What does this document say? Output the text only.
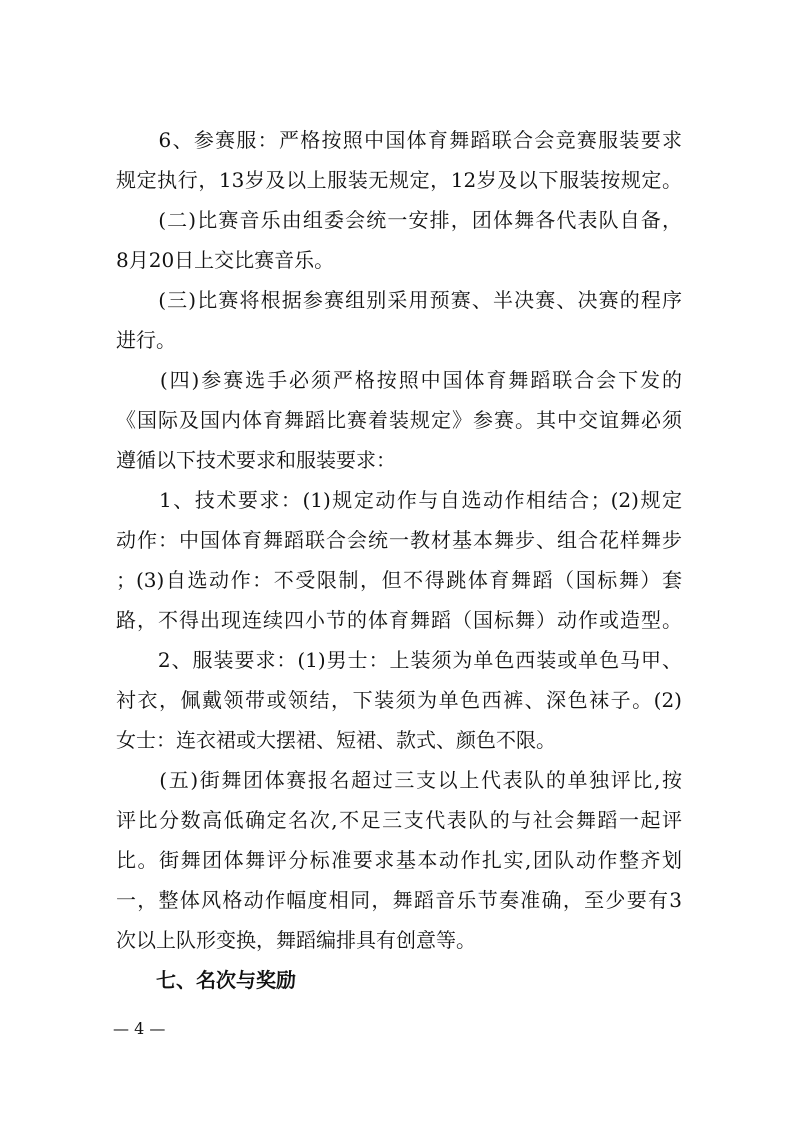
　　6、参赛服：严格按照中国体育舞蹈联合会竞赛服装要求
规定执行，13岁及以上服装无规定，12岁及以下服装按规定。
　　(二)比赛音乐由组委会统一安排，团体舞各代表队自备，
8月20日上交比赛音乐。
　　(三)比赛将根据参赛组别采用预赛、半决赛、决赛的程序
进行。
　　(四)参赛选手必须严格按照中国体育舞蹈联合会下发的
《国际及国内体育舞蹈比赛着装规定》参赛。其中交谊舞必须
遵循以下技术要求和服装要求：
　　1、技术要求：(1)规定动作与自选动作相结合；(2)规定
动作：中国体育舞蹈联合会统一教材基本舞步、组合花样舞步
；(3)自选动作：不受限制，但不得跳体育舞蹈（国标舞）套
路，不得出现连续四小节的体育舞蹈（国标舞）动作或造型。
　　2、服装要求：(1)男士：上装须为单色西装或单色马甲、
衬衣，佩戴领带或领结，下装须为单色西裤、深色袜子。(2)
女士：连衣裙或大摆裙、短裙、款式、颜色不限。
　　(五)街舞团体赛报名超过三支以上代表队的单独评比,按
评比分数高低确定名次,不足三支代表队的与社会舞蹈一起评
比。街舞团体舞评分标准要求基本动作扎实,团队动作整齐划
一，整体风格动作幅度相同，舞蹈音乐节奏准确，至少要有3
次以上队形变换，舞蹈编排具有创意等。
　　七、名次与奖励
— 4 —
